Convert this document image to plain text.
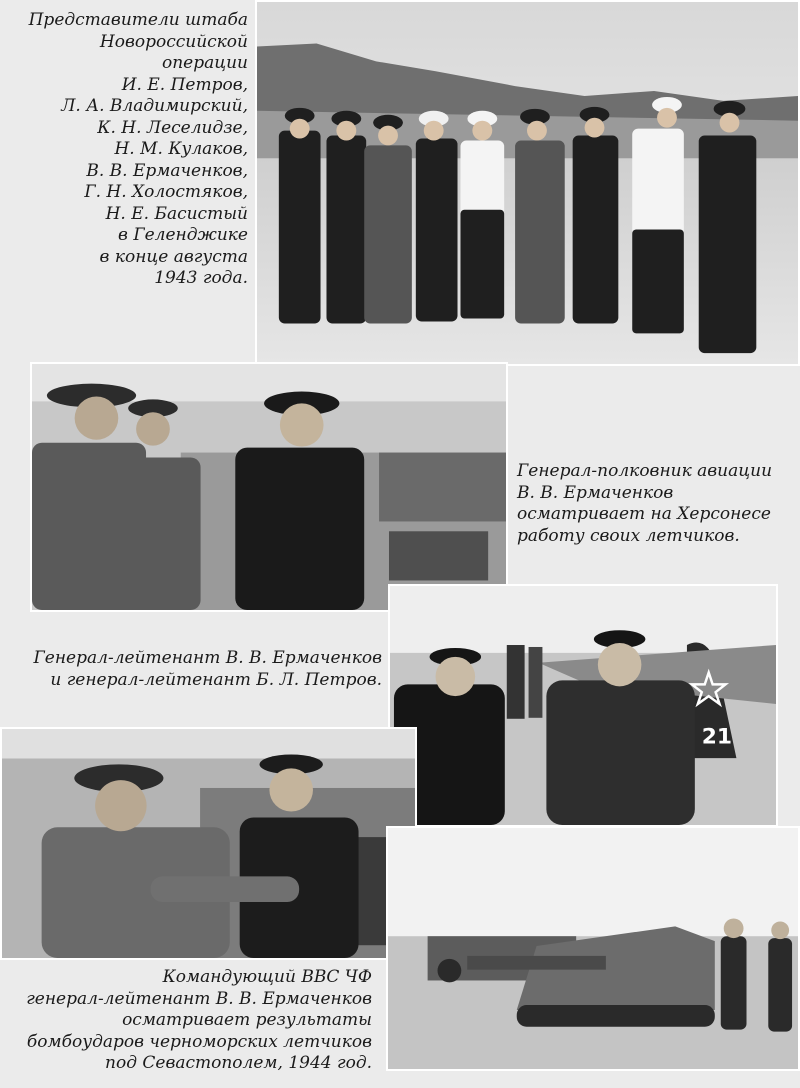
21
Представители штаба
Новороссийской операции
И. Е. Петров,
Л. А. Владимирский,
К. Н. Леселидзе,
Н. М. Кулаков,
В. В. Ермаченков,
Г. Н. Холостяков,
Н. Е. Басистый
в Геленджике
в конце августа
1943 года.
Генерал-полковник авиации
В. В. Ермаченков
осматривает на Херсонесе
работу своих летчиков.
Генерал-лейтенант В. В. Ермаченков
и генерал-лейтенант Б. Л. Петров.
Командующий ВВС ЧФ
генерал-лейтенант В. В. Ермаченков
осматривает результаты
бомбоударов черноморских летчиков
под Севастополем, 1944 год.
